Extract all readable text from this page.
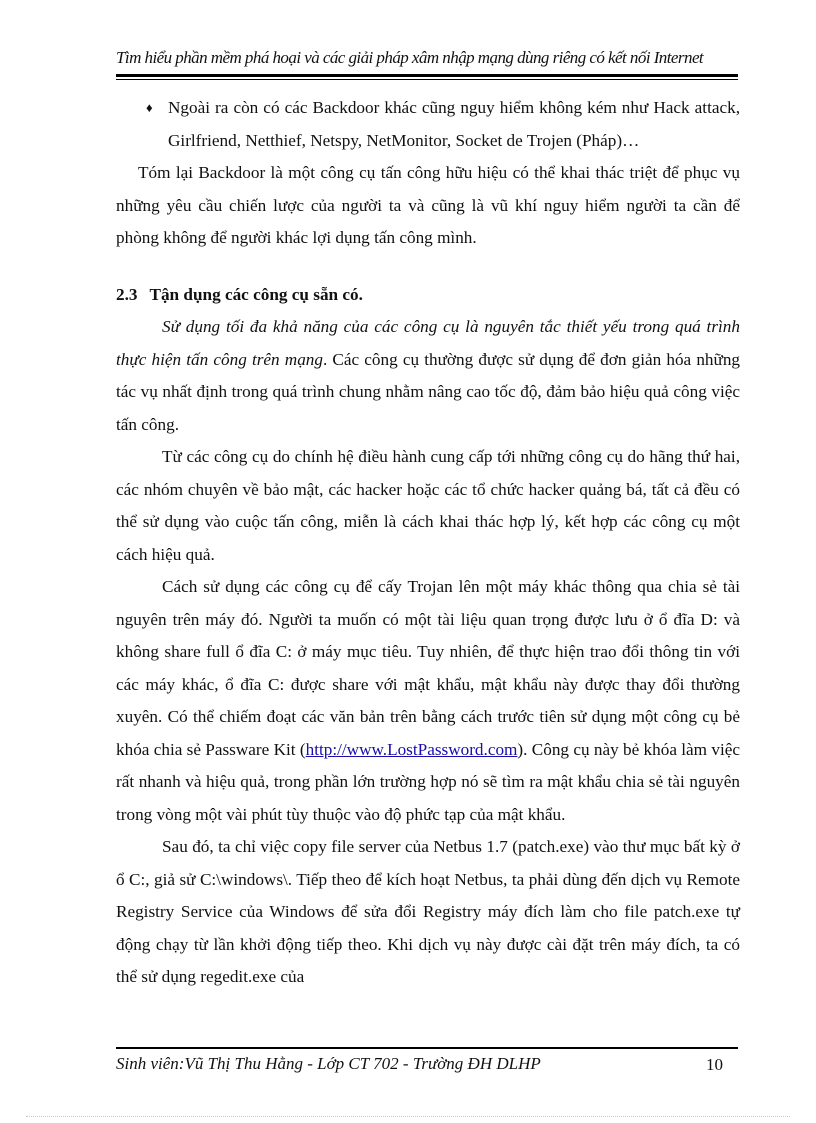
Tìm hiểu phần mềm phá hoại và các giải pháp xâm nhập mạng dùng riêng có kết nối Internet
♦ Ngoài ra còn có các Backdoor khác cũng nguy hiểm không kém như Hack attack, Girlfriend, Netthief, Netspy, NetMonitor, Socket de Trojen (Pháp)…

Tóm lại Backdoor là một công cụ tấn công hữu hiệu có thể khai thác triệt để phục vụ những yêu cầu chiến lược của người ta và cũng là vũ khí nguy hiểm người ta cần để phòng không để người khác lợi dụng tấn công mình.

2.3 Tận dụng các công cụ sẵn có.

Sử dụng tối đa khả năng của các công cụ là nguyên tắc thiết yếu trong quá trình thực hiện tấn công trên mạng. Các công cụ thường được sử dụng để đơn giản hóa những tác vụ nhất định trong quá trình chung nhằm nâng cao tốc độ, đảm bảo hiệu quả công việc tấn công.

Từ các công cụ do chính hệ điều hành cung cấp tới những công cụ do hãng thứ hai, các nhóm chuyên về bảo mật, các hacker hoặc các tổ chức hacker quảng bá, tất cả đều có thể sử dụng vào cuộc tấn công, miễn là cách khai thác hợp lý, kết hợp các công cụ một cách hiệu quả.

Cách sử dụng các công cụ để cấy Trojan lên một máy khác thông qua chia sẻ tài nguyên trên máy đó. Người ta muốn có một tài liệu quan trọng được lưu ở ổ đĩa D: và không share full ổ đĩa C: ở máy mục tiêu. Tuy nhiên, để thực hiện trao đổi thông tin với các máy khác, ổ đĩa C: được share với mật khẩu, mật khẩu này được thay đổi thường xuyên. Có thể chiếm đoạt các văn bản trên bằng cách trước tiên sử dụng một công cụ bẻ khóa chia sẻ Passware Kit (http://www.LostPassword.com). Công cụ này bẻ khóa làm việc rất nhanh và hiệu quả, trong phần lớn trường hợp nó sẽ tìm ra mật khẩu chia sẻ tài nguyên trong vòng một vài phút tùy thuộc vào độ phức tạp của mật khẩu.

Sau đó, ta chỉ việc copy file server của Netbus 1.7 (patch.exe) vào thư mục bất kỳ ở ổ C:, giả sử C:\windows\. Tiếp theo để kích hoạt Netbus, ta phải dùng đến dịch vụ Remote Registry Service của Windows để sửa đổi Registry máy đích làm cho file patch.exe tự động chạy từ lần khởi động tiếp theo. Khi dịch vụ này được cài đặt trên máy đích, ta có thể sử dụng regedit.exe của

Sinh viên:Vũ Thị Thu Hằng - Lớp CT 702 - Trường ĐH DLHP	10
